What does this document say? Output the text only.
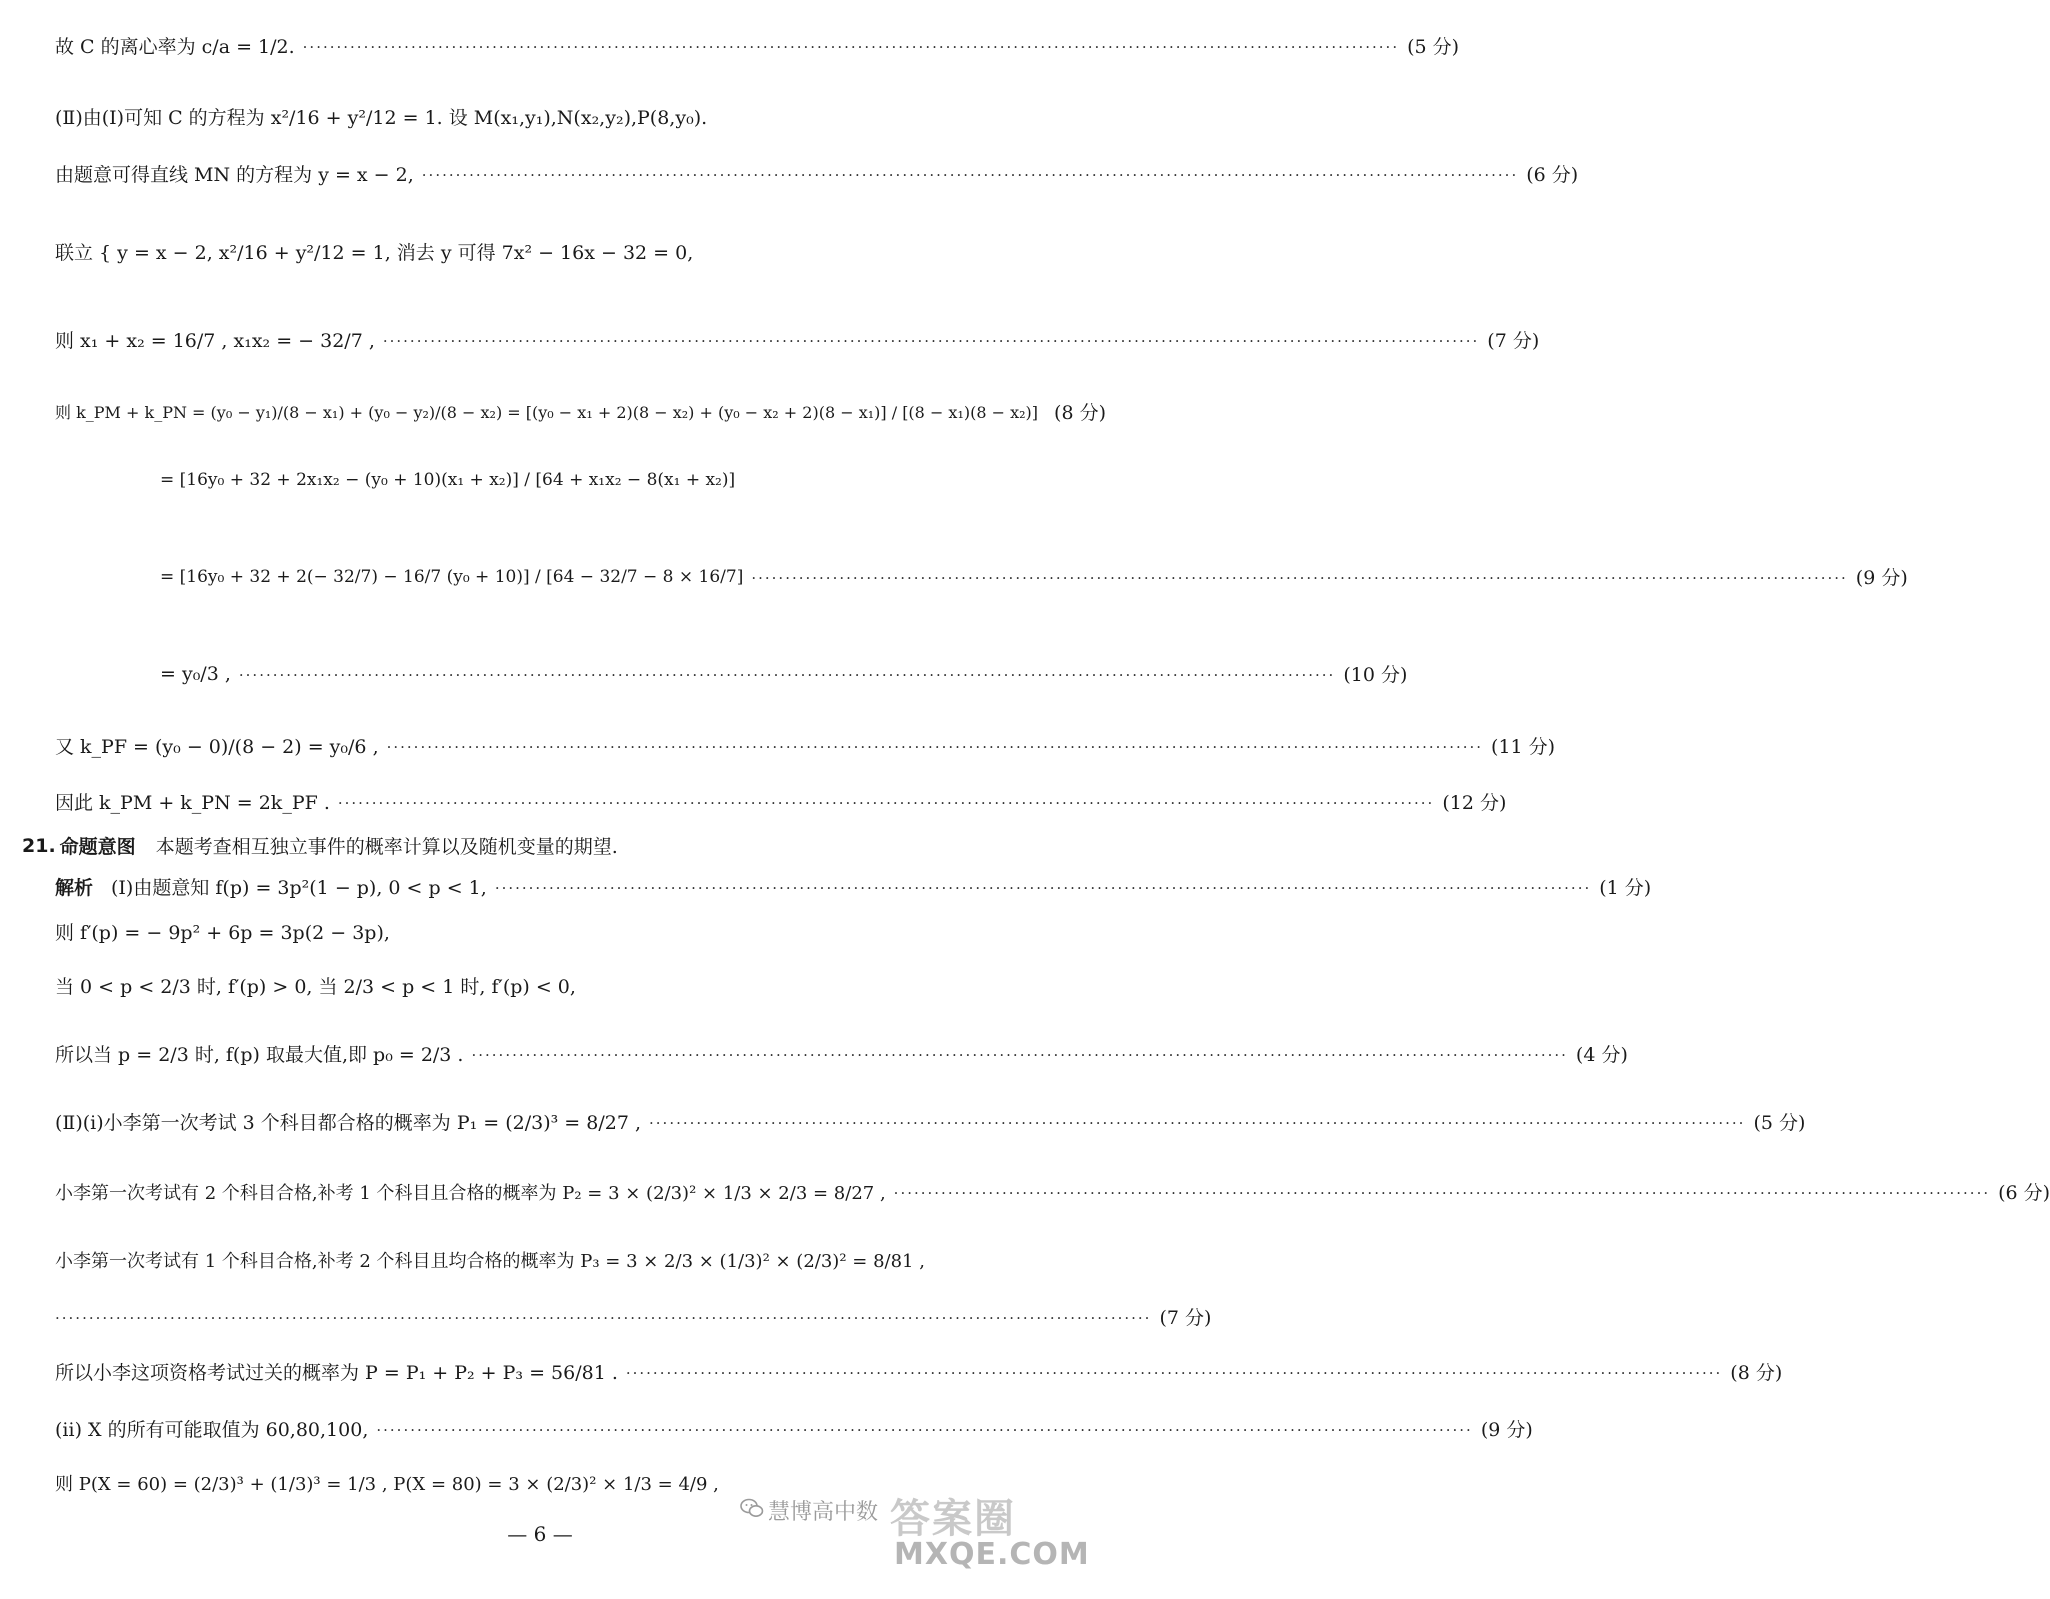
故 C 的离心率为 c/a = 1/2. ·····	(5 分)
(Ⅱ)由(Ⅰ)可知 C 的方程为 x²/16 + y²/12 = 1. 设 M(x₁,y₁),N(x₂,y₂),P(8,y₀).
由题意可得直线 MN 的方程为 y = x − 2, ·····	(6 分)
联立 { y = x − 2, x²/16 + y²/12 = 1, 消去 y 可得 7x² − 16x − 32 = 0,
则 x₁ + x₂ = 16/7 , x₁x₂ = − 32/7 , ·····	(7 分)
则 k_PM + k_PN = (y₀ − y₁)/(8 − x₁) + (y₀ − y₂)/(8 − x₂) = [(y₀ − x₁ + 2)(8 − x₂) + (y₀ − x₂ + 2)(8 − x₁)] / [(8 − x₁)(8 − x₂)] (8 分)
= [16y₀ + 32 + 2x₁x₂ − (y₀ + 10)(x₁ + x₂)] / [64 + x₁x₂ − 8(x₁ + x₂)]
= [16y₀ + 32 + 2(− 32/7) − 16/7 (y₀ + 10)] / [64 − 32/7 − 8 × 16/7] ·····	(9 分)
= y₀/3 , ·····	(10 分)
又 k_PF = (y₀ − 0)/(8 − 2) = y₀/6 , ·····	(11 分)
因此 k_PM + k_PN = 2k_PF . ·····	(12 分)
21. 命题意图 本题考查相互独立事件的概率计算以及随机变量的期望.
解析 (Ⅰ)由题意知 f(p) = 3p²(1 − p), 0 < p < 1, ·····	(1 分)
则 f′(p) = − 9p² + 6p = 3p(2 − 3p),
当 0 < p < 2/3 时, f′(p) > 0, 当 2/3 < p < 1 时, f′(p) < 0,
所以当 p = 2/3 时, f(p) 取最大值,即 p₀ = 2/3 . ·····	(4 分)
(Ⅱ)(ⅰ)小李第一次考试 3 个科目都合格的概率为 P₁ = (2/3)³ = 8/27 , ·····	(5 分)
小李第一次考试有 2 个科目合格,补考 1 个科目且合格的概率为 P₂ = 3 × (2/3)² × 1/3 × 2/3 = 8/27 , ·····	(6 分)
小李第一次考试有 1 个科目合格,补考 2 个科目且均合格的概率为 P₃ = 3 × 2/3 × (1/3)² × (2/3)² = 8/81 ,
·····
(7 分)
所以小李这项资格考试过关的概率为 P = P₁ + P₂ + P₃ = 56/81 . ·····	(8 分)
(ⅱ) X 的所有可能取值为 60,80,100, ·····	(9 分)
则 P(X = 60) = (2/3)³ + (1/3)³ = 1/3 , P(X = 80) = 3 × (2/3)² × 1/3 = 4/9 ,
— 6 —
慧博高中数 答案圈
MXQE.COM
